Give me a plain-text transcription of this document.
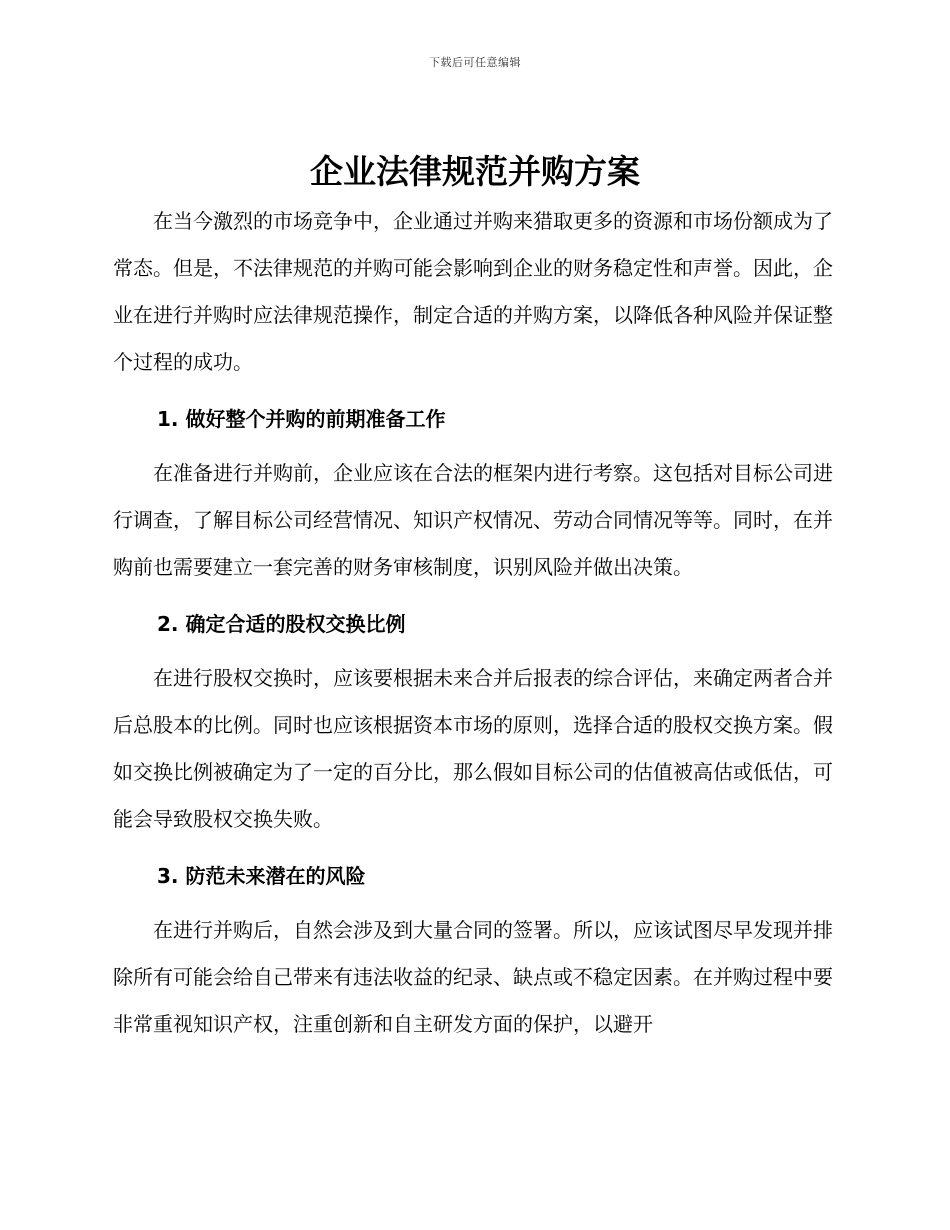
下载后可任意编辑
企业法律规范并购方案

在当今激烈的市场竞争中，企业通过并购来猎取更多的资源和市场份额成为了常态。但是，不法律规范的并购可能会影响到企业的财务稳定性和声誉。因此，企业在进行并购时应法律规范操作，制定合适的并购方案，以降低各种风险并保证整个过程的成功。

1. 做好整个并购的前期准备工作

在准备进行并购前，企业应该在合法的框架内进行考察。这包括对目标公司进行调查，了解目标公司经营情况、知识产权情况、劳动合同情况等等。同时，在并购前也需要建立一套完善的财务审核制度，识别风险并做出决策。

2. 确定合适的股权交换比例

在进行股权交换时，应该要根据未来合并后报表的综合评估，来确定两者合并后总股本的比例。同时也应该根据资本市场的原则，选择合适的股权交换方案。假如交换比例被确定为了一定的百分比，那么假如目标公司的估值被高估或低估，可能会导致股权交换失败。

3. 防范未来潜在的风险

在进行并购后，自然会涉及到大量合同的签署。所以，应该试图尽早发现并排除所有可能会给自己带来有违法收益的纪录、缺点或不稳定因素。在并购过程中要非常重视知识产权，注重创新和自主研发方面的保护，以避开
